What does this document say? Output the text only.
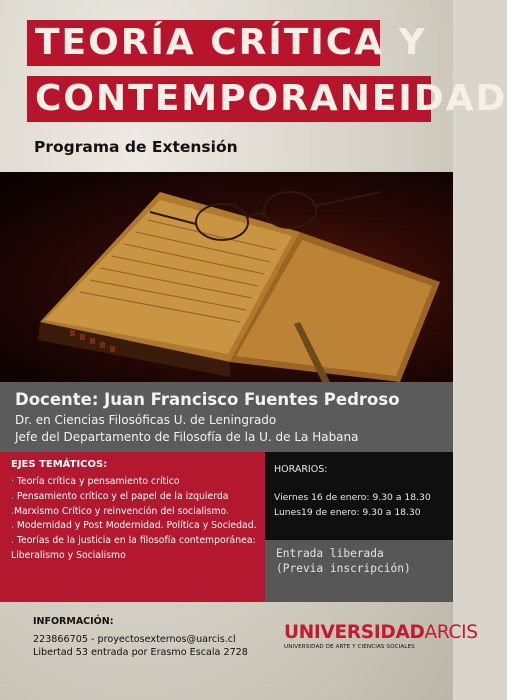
TEORÍA CRÍTICA Y
CONTEMPORANEIDAD
Programa de Extensión
Docente: Juan Francisco Fuentes Pedroso
Dr. en Ciencias Filosóficas U. de Leningrado
Jefe del Departamento de Filosofía de la U. de La Habana
EJES TEMÁTICOS:
· Teoría crítica y pensamiento crítico
. Pensamiento crítico y el papel de la izquierda
.Marxismo Crítico y reinvención del socialismo.
. Modernidad y Post Modernidad. Política y Sociedad.
. Teorías de la justicia en la filosofía contemporánea: Liberalismo y Socialismo
HORARIOS:
Viernes 16 de enero: 9.30 a 18.30
Lunes19 de enero: 9.30 a 18.30
Entrada liberada
(Previa inscripción)
INFORMACIÓN:
223866705 - proyectosexternos@uarcis.cl
Libertad 53 entrada por Erasmo Escala 2728
UNIVERSIDADARCIS
UNIVERSIDAD DE ARTE Y CIENCIAS SOCIALES
